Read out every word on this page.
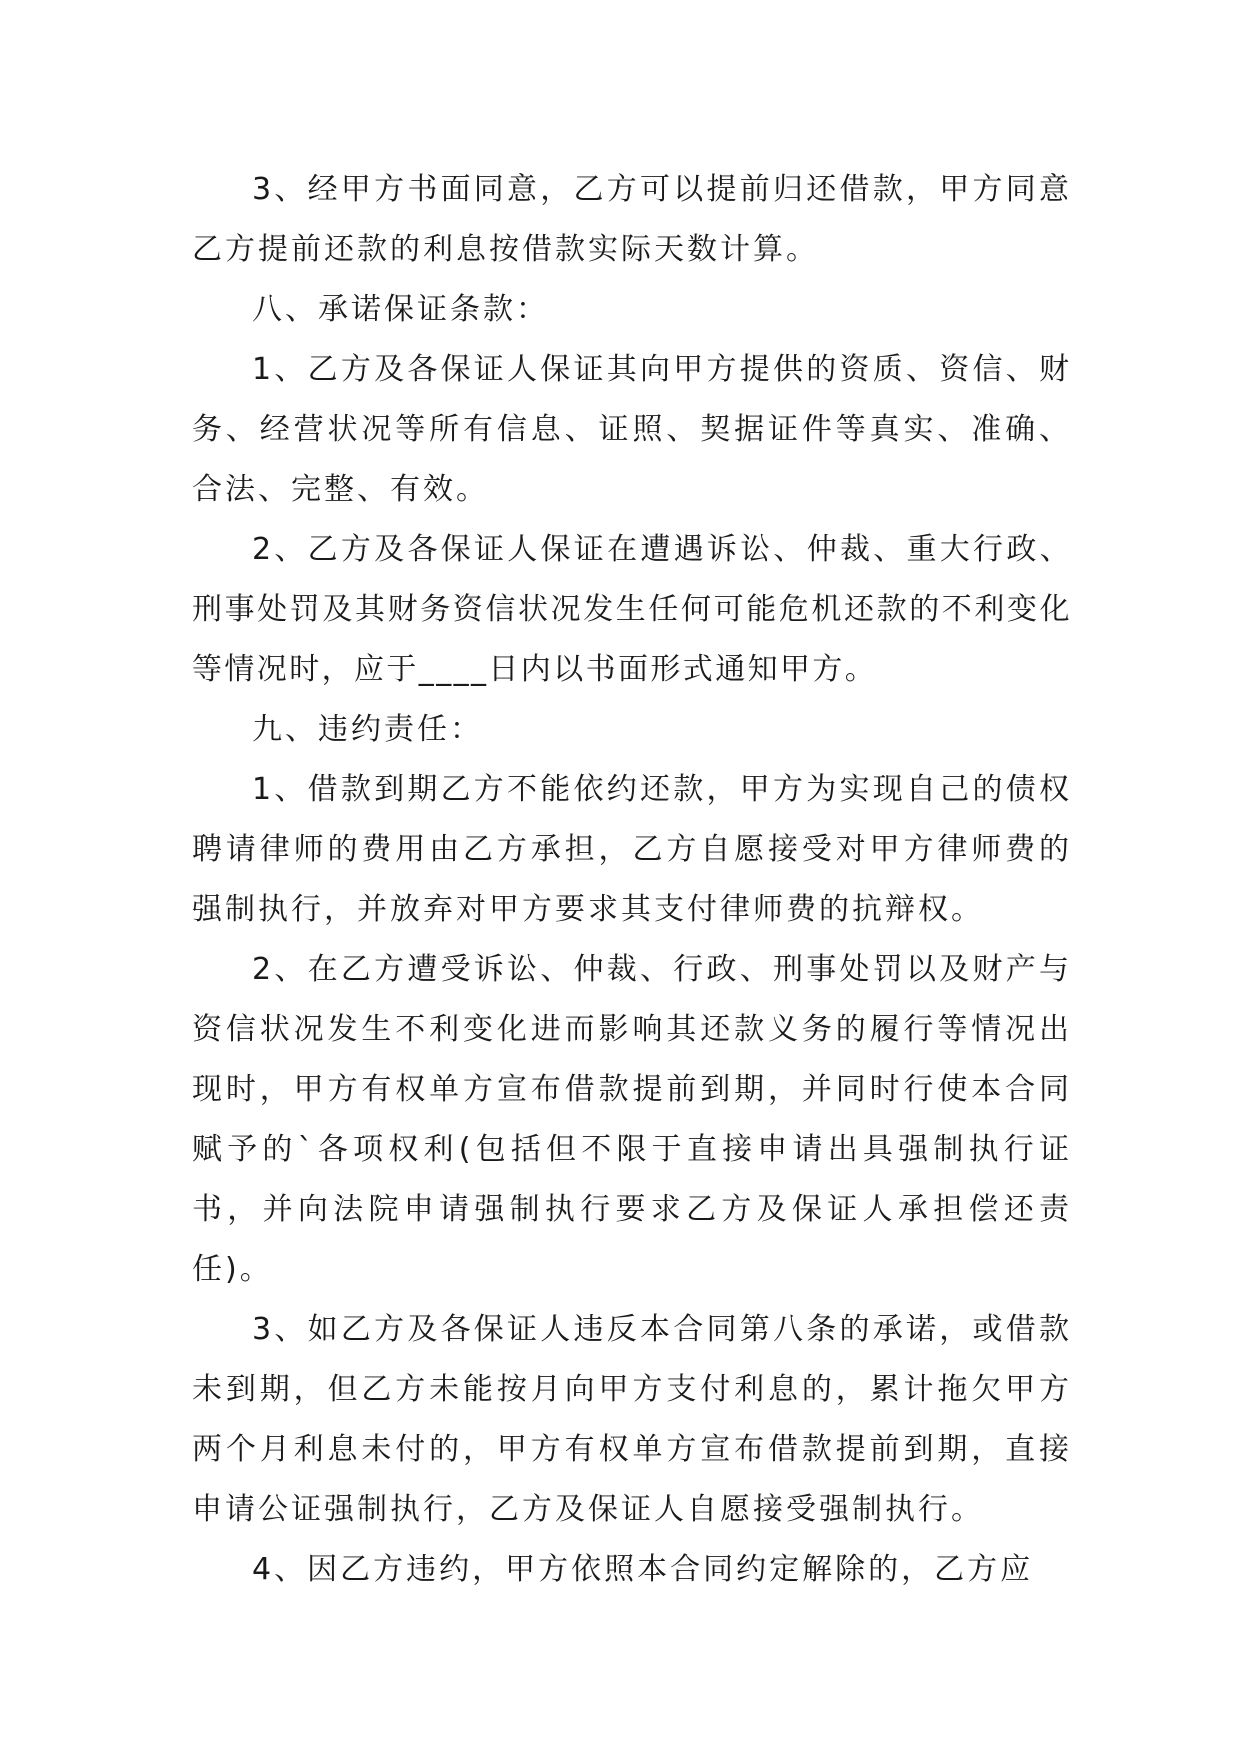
3、经甲方书面同意，乙方可以提前归还借款，甲方同意乙方提前还款的利息按借款实际天数计算。

八、承诺保证条款：

1、乙方及各保证人保证其向甲方提供的资质、资信、财务、经营状况等所有信息、证照、契据证件等真实、准确、合法、完整、有效。

2、乙方及各保证人保证在遭遇诉讼、仲裁、重大行政、刑事处罚及其财务资信状况发生任何可能危机还款的不利变化等情况时，应于____日内以书面形式通知甲方。

九、违约责任：

1、借款到期乙方不能依约还款，甲方为实现自己的债权聘请律师的费用由乙方承担，乙方自愿接受对甲方律师费的强制执行，并放弃对甲方要求其支付律师费的抗辩权。

2、在乙方遭受诉讼、仲裁、行政、刑事处罚以及财产与资信状况发生不利变化进而影响其还款义务的履行等情况出现时，甲方有权单方宣布借款提前到期，并同时行使本合同赋予的`各项权利(包括但不限于直接申请出具强制执行证书，并向法院申请强制执行要求乙方及保证人承担偿还责任)。

3、如乙方及各保证人违反本合同第八条的承诺，或借款未到期，但乙方未能按月向甲方支付利息的，累计拖欠甲方两个月利息未付的，甲方有权单方宣布借款提前到期，直接申请公证强制执行，乙方及保证人自愿接受强制执行。

4、因乙方违约，甲方依照本合同约定解除的，乙方应
